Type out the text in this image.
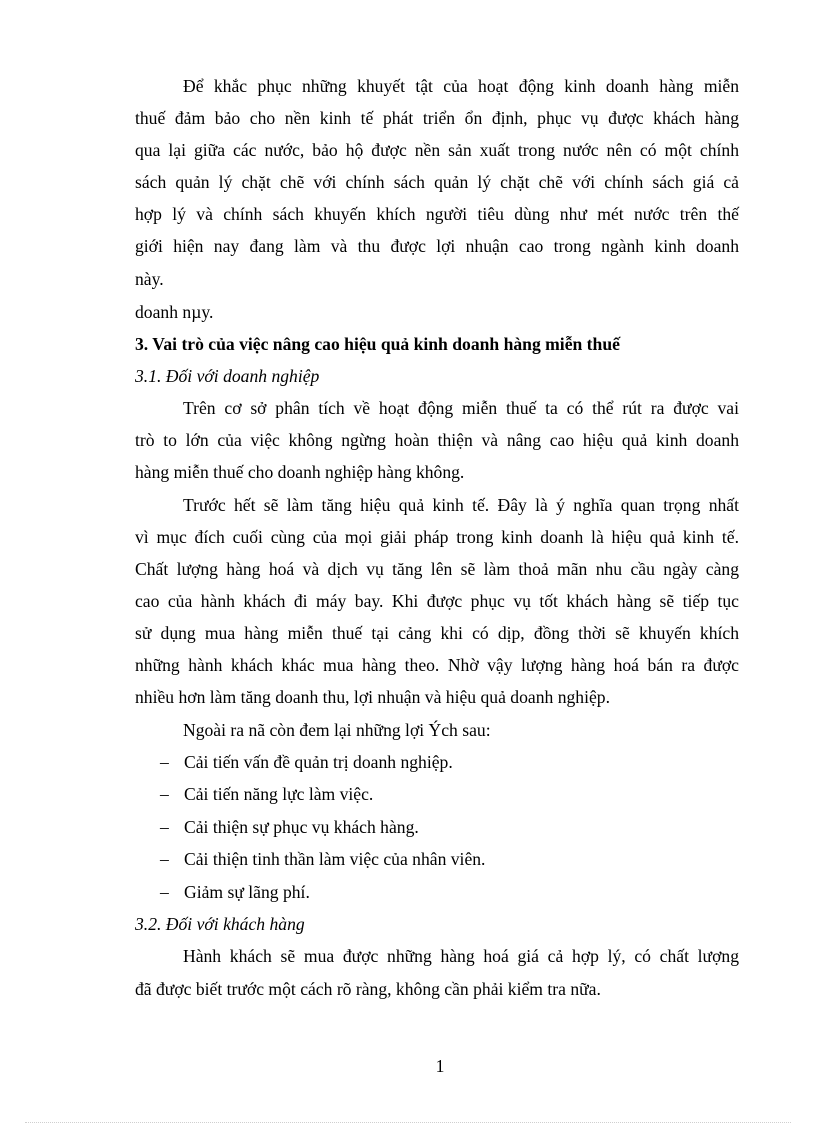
Để khắc phục những khuyết tật của hoạt động kinh doanh hàng miễn
thuế đảm bảo cho nền kinh tế phát triển ổn định, phục vụ được khách hàng
qua lại giữa các nước, bảo hộ được nền sản xuất trong nước nên có một chính
sách quản lý chặt chẽ với chính sách quản lý chặt chẽ với chính sách giá cả
hợp lý và chính sách khuyến khích người tiêu dùng như mét nước trên thế
giới hiện nay đang làm và thu được lợi nhuận cao trong ngành kinh doanh
này.
doanh nµy.
3. Vai trò của việc nâng cao hiệu quả kinh doanh hàng miễn thuế
3.1. Đối với doanh nghiệp
Trên cơ sở phân tích về hoạt động miễn thuế ta có thể rút ra được vai
trò to lớn của việc không ngừng hoàn thiện và nâng cao hiệu quả kinh doanh
hàng miễn thuế cho doanh nghiệp hàng không.
Trước hết sẽ làm tăng hiệu quả kinh tế. Đây là ý nghĩa quan trọng nhất
vì mục đích cuối cùng của mọi giải pháp trong kinh doanh là hiệu quả kinh tế.
Chất lượng hàng hoá và dịch vụ tăng lên sẽ làm thoả mãn nhu cầu ngày càng
cao của hành khách đi máy bay. Khi được phục vụ tốt khách hàng sẽ tiếp tục
sử dụng mua hàng miễn thuế tại cảng khi có dịp, đồng thời sẽ khuyến khích
những hành khách khác mua hàng theo. Nhờ vậy lượng hàng hoá bán ra được
nhiều hơn làm tăng doanh thu, lợi nhuận và hiệu quả doanh nghiệp.
Ngoài ra nã còn đem lại những lợi Ých sau:
– Cải tiến vấn đề quản trị doanh nghiệp.
– Cải tiến năng lực làm việc.
– Cải thiện sự phục vụ khách hàng.
– Cải thiện tinh thần làm việc của nhân viên.
– Giảm sự lãng phí.
3.2. Đối với khách hàng
Hành khách sẽ mua được những hàng hoá giá cả hợp lý, có chất lượng
đã được biết trước một cách rõ ràng, không cần phải kiểm tra nữa.
1
